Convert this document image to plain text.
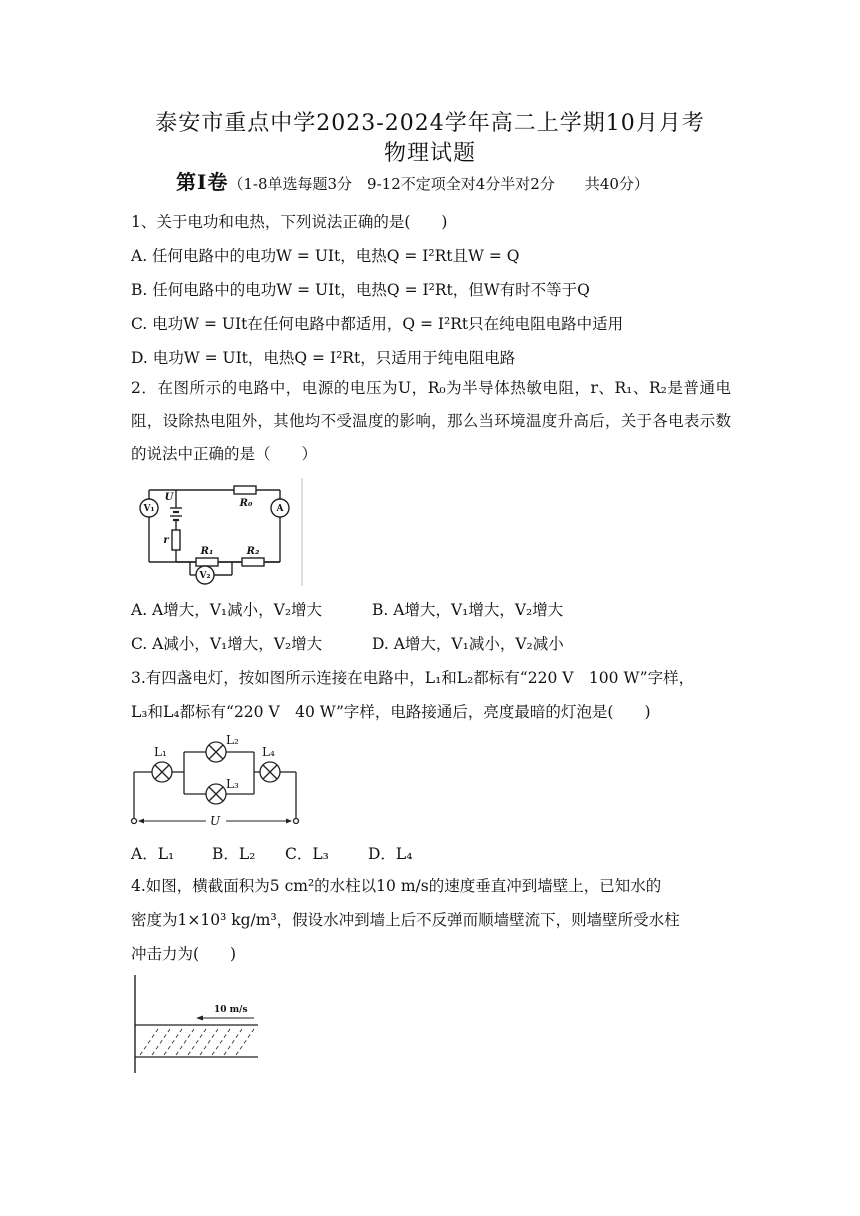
泰安市重点中学2023-2024学年高二上学期10月月考
物理试题
第Ⅰ卷（1-8单选每题3分　9-12不定项全对4分半对2分　　共40分）
1、关于电功和电热，下列说法正确的是(　　)
A. 任何电路中的电功W = UIt，电热Q = I²Rt且W = Q
B. 任何电路中的电功W = UIt，电热Q = I²Rt，但W有时不等于Q
C. 电功W = UIt在任何电路中都适用，Q = I²Rt只在纯电阻电路中适用
D. 电功W = UIt，电热Q = I²Rt，只适用于纯电阻电路
2．在图所示的电路中，电源的电压为U，R₀为半导体热敏电阻，r、R₁、R₂是普通电阻，设除热电阻外，其他均不受温度的影响，那么当环境温度升高后，关于各电表示数的说法中正确的是（　　）
V₁	A
V₂
U
R₀
r
R₁	R₂
A. A增大，V₁减小，V₂增大	B. A增大，V₁增大，V₂增大
C. A减小，V₁增大，V₂增大	D. A增大，V₁减小，V₂减小
3.有四盏电灯，按如图所示连接在电路中，L₁和L₂都标有“220 V　100 W”字样，
L₃和L₄都标有“220 V　40 W”字样，电路接通后，亮度最暗的灯泡是(　　)
L₁
L₂
L₃
L₄
U
A．L₁ B．L₂ C．L₃	D．L₄
4.如图，横截面积为5 cm²的水柱以10 m/s的速度垂直冲到墙壁上，已知水的
密度为1×10³ kg/m³，假设水冲到墙上后不反弹而顺墙壁流下，则墙壁所受水柱
冲击力为(　　)
10 m/s
